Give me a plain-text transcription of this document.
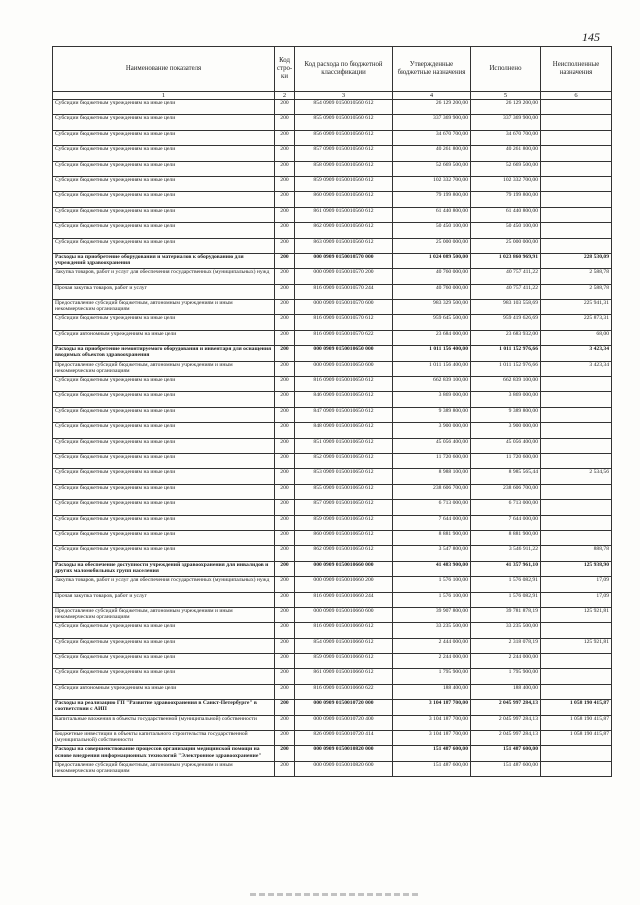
145
Наименование показателя	Код стро-ки	Код расхода по бюджетной классификации	Утвержденные бюджетные назначения	Исполнено	Неисполненные назначения
1	2	3	4	5	6
Субсидии бюджетным учреждениям на иные цели	200	854 0909 0150010560 612	26 129 200,00	26 129 200,00	
Субсидии бюджетным учреждениям на иные цели	200	855 0909 0150010560 612	337 369 900,00	337 369 900,00	
Субсидии бюджетным учреждениям на иные цели	200	856 0909 0150010560 612	34 670 700,00	34 670 700,00	
Субсидии бюджетным учреждениям на иные цели	200	857 0909 0150010560 612	40 261 800,00	40 261 800,00	
Субсидии бюджетным учреждениям на иные цели	200	858 0909 0150010560 612	52 669 500,00	52 669 500,00	
Субсидии бюджетным учреждениям на иные цели	200	859 0909 0150010560 612	102 332 700,00	102 332 700,00	
Субсидии бюджетным учреждениям на иные цели	200	860 0909 0150010560 612	79 199 800,00	79 199 800,00	
Субсидии бюджетным учреждениям на иные цели	200	861 0909 0150010560 612	61 440 800,00	61 440 800,00	
Субсидии бюджетным учреждениям на иные цели	200	862 0909 0150010560 612	50 450 100,00	50 450 100,00	
Субсидии бюджетным учреждениям на иные цели	200	863 0909 0150010560 612	25 000 000,00	25 000 000,00	
Расходы на приобретение оборудования и материалов к оборудованию для учреждений здравоохранения	200	000 0909 0150010570 000	1 024 089 500,00	1 023 860 969,91	228 530,09
Закупка товаров, работ и услуг для обеспечения государственных (муниципальных) нужд	200	000 0909 0150010570 200	40 760 000,00	40 757 411,22	2 588,78
Прочая закупка товаров, работ и услуг	200	816 0909 0150010570 244	40 760 000,00	40 757 411,22	2 588,78
Предоставление субсидий бюджетным, автономным учреждениям и иным некоммерческим организациям	200	000 0909 0150010570 600	983 329 500,00	983 103 558,69	225 941,31
Субсидии бюджетным учреждениям на иные цели	200	816 0909 0150010570 612	959 645 500,00	959 419 626,69	225 873,31
Субсидии автономным учреждениям на иные цели	200	816 0909 0150010570 622	23 684 000,00	23 683 932,00	68,00
Расходы на приобретение немонтируемого оборудования и инвентаря для оснащения вводимых объектов здравоохранения	200	000 0909 0150010650 000	1 011 156 400,00	1 011 152 976,66	3 423,34
Предоставление субсидий бюджетным, автономным учреждениям и иным некоммерческим организациям	200	000 0909 0150010650 600	1 011 156 400,00	1 011 152 976,66	3 423,34
Субсидии бюджетным учреждениям на иные цели	200	816 0909 0150010650 612	662 839 100,00	662 839 100,00	
Субсидии бюджетным учреждениям на иные цели	200	846 0909 0150010650 612	3 869 000,00	3 869 000,00	
Субсидии бюджетным учреждениям на иные цели	200	847 0909 0150010650 612	9 389 800,00	9 389 800,00	
Субсидии бюджетным учреждениям на иные цели	200	848 0909 0150010650 612	3 900 000,00	3 900 000,00	
Субсидии бюджетным учреждениям на иные цели	200	851 0909 0150010650 612	45 056 400,00	45 056 400,00	
Субсидии бюджетным учреждениям на иные цели	200	852 0909 0150010650 612	11 720 600,00	11 720 600,00	
Субсидии бюджетным учреждениям на иные цели	200	853 0909 0150010650 612	8 988 100,00	8 985 565,44	2 534,56
Субсидии бюджетным учреждениям на иные цели	200	855 0909 0150010650 612	238 606 700,00	238 606 700,00	
Субсидии бюджетным учреждениям на иные цели	200	857 0909 0150010650 612	6 713 000,00	6 713 000,00	
Субсидии бюджетным учреждениям на иные цели	200	859 0909 0150010650 612	7 644 000,00	7 644 000,00	
Субсидии бюджетным учреждениям на иные цели	200	860 0909 0150010650 612	8 881 900,00	8 881 900,00	
Субсидии бюджетным учреждениям на иные цели	200	862 0909 0150010650 612	3 547 800,00	3 546 911,22	888,78
Расходы на обеспечение доступности учреждений здравоохранения для инвалидов и других маломобильных групп населения	200	000 0909 0150010660 000	41 483 900,00	41 357 961,10	125 938,90
Закупка товаров, работ и услуг для обеспечения государственных (муниципальных) нужд	200	000 0909 0150010660 200	1 576 100,00	1 576 082,91	17,09
Прочая закупка товаров, работ и услуг	200	816 0909 0150010660 244	1 576 100,00	1 576 082,91	17,09
Предоставление субсидий бюджетным, автономным учреждениям и иным некоммерческим организациям	200	000 0909 0150010660 600	39 907 800,00	39 781 878,19	125 921,81
Субсидии бюджетным учреждениям на иные цели	200	816 0909 0150010660 612	33 235 500,00	33 235 500,00	
Субсидии бюджетным учреждениям на иные цели	200	854 0909 0150010660 612	2 444 000,00	2 318 078,19	125 921,81
Субсидии бюджетным учреждениям на иные цели	200	859 0909 0150010660 612	2 244 000,00	2 244 000,00	
Субсидии бюджетным учреждениям на иные цели	200	861 0909 0150010660 612	1 795 900,00	1 795 900,00	
Субсидии автономным учреждениям на иные цели	200	816 0909 0150010660 622	188 400,00	188 400,00	
Расходы на реализацию ГП "Развитие здравоохранения в Санкт-Петербурге" в соответствии с АИП	200	000 0909 0150010720 000	3 104 187 700,00	2 045 997 284,13	1 058 190 415,87
Капитальные вложения в объекты государственной (муниципальной) собственности	200	000 0909 0150010720 400	3 104 187 700,00	2 045 997 284,13	1 058 190 415,87
Бюджетные инвестиции в объекты капитального строительства государственной (муниципальной) собственности	200	826 0909 0150010720 414	3 104 187 700,00	2 045 997 284,13	1 058 190 415,87
Расходы на совершенствование процессов организации медицинской помощи на основе внедрения информационных технологий "Электронное здравоохранение"	200	000 0909 0150010820 000	151 487 600,00	151 487 600,00	
Предоставление субсидий бюджетным, автономным учреждениям и иным некоммерческим организациям	200	000 0909 0150010820 600	151 487 600,00	151 487 600,00	
